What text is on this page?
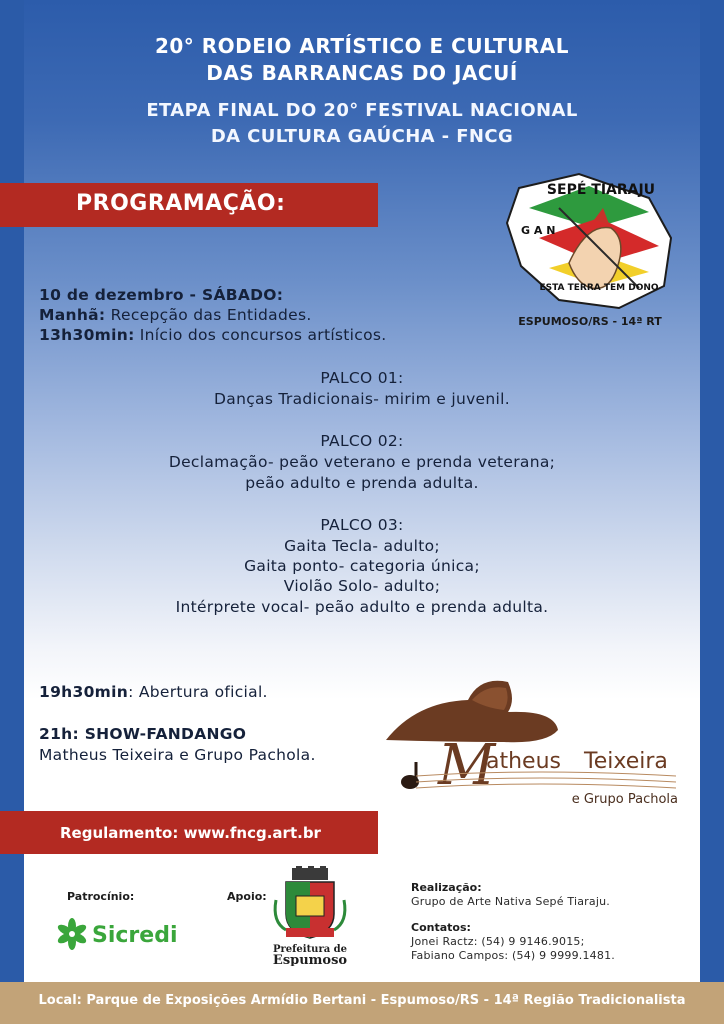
20° RODEIO ARTÍSTICO E CULTURAL
DAS BARRANCAS DO JACUÍ
ETAPA FINAL DO 20° FESTIVAL NACIONAL
DA CULTURA GAÚCHA - FNCG
PROGRAMAÇÃO:
SEPÉ TIARAJU
G A N
ESTA TERRA TEM DONO
ESPUMOSO/RS - 14ª RT
10 de dezembro - SÁBADO:
Manhã: Recepção das Entidades.
13h30min: Início dos concursos artísticos.
PALCO 01:
Danças Tradicionais- mirim e juvenil.
PALCO 02:
Declamação- peão veterano e prenda veterana;
peão adulto e prenda adulta.
PALCO 03:
Gaita Tecla- adulto;
Gaita ponto- categoria única;
Violão Solo- adulto;
Intérprete vocal- peão adulto e prenda adulta.
19h30min: Abertura oficial.
21h: SHOW-FANDANGO
Matheus Teixeira e Grupo Pachola. M
atheus Teixeira
e Grupo Pachola
Regulamento: www.fncg.art.br
Patrocínio:
Sicredi
Apoio:
Prefeitura de
Espumoso
Realização:
Grupo de Arte Nativa Sepé Tiaraju.
Contatos:
Jonei Ractz: (54) 9 9146.9015;
Fabiano Campos: (54) 9 9999.1481.
Local: Parque de Exposições Armídio Bertani - Espumoso/RS - 14ª Região Tradicionalista
